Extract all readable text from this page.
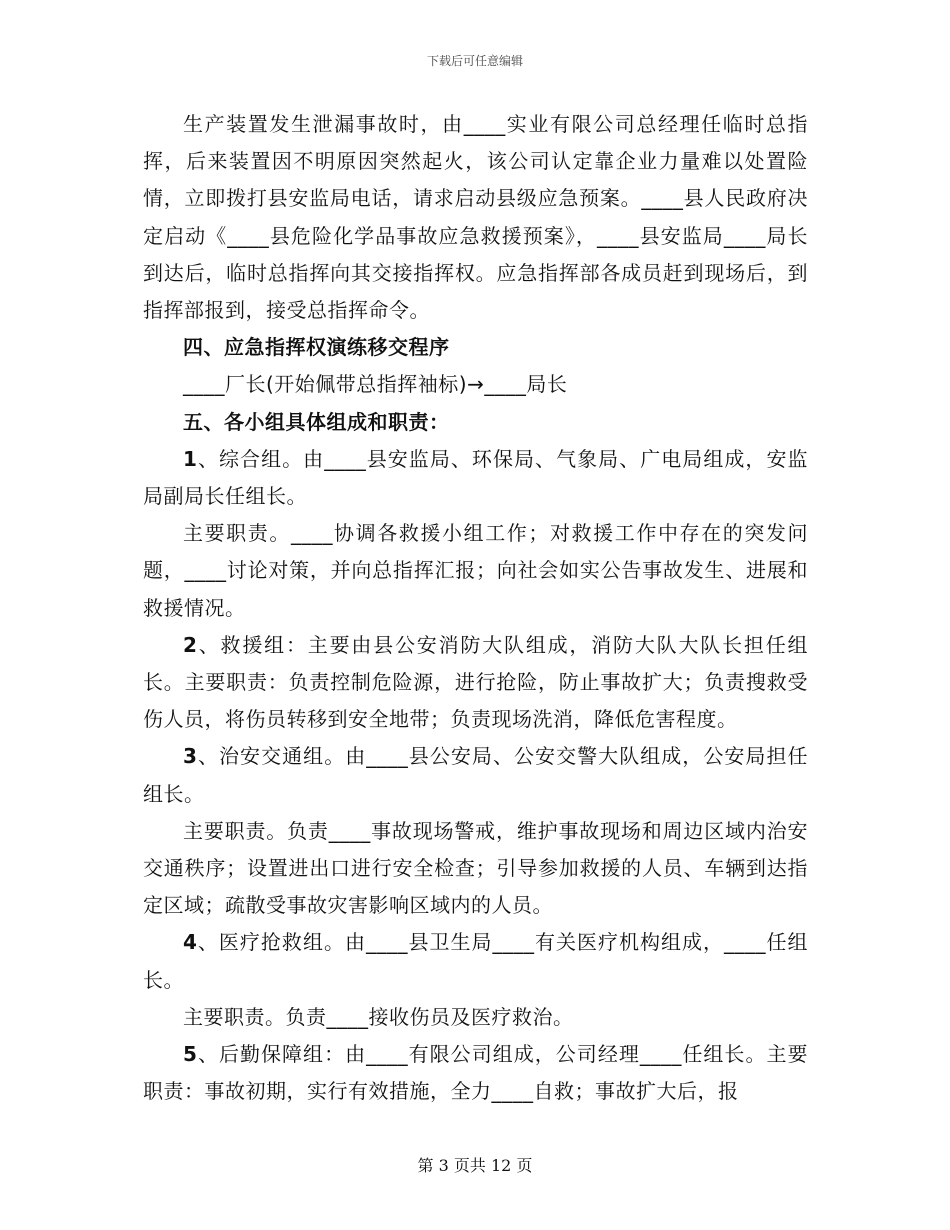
下载后可任意编辑

生产装置发生泄漏事故时，由____实业有限公司总经理任临时总指挥，后来装置因不明原因突然起火，该公司认定靠企业力量难以处置险情，立即拨打县安监局电话，请求启动县级应急预案。____县人民政府决定启动《____县危险化学品事故应急救援预案》，____县安监局____局长到达后，临时总指挥向其交接指挥权。应急指挥部各成员赶到现场后，到指挥部报到，接受总指挥命令。

四、应急指挥权演练移交程序

____厂长(开始佩带总指挥袖标)→____局长

五、各小组具体组成和职责：

1、综合组。由____县安监局、环保局、气象局、广电局组成，安监局副局长任组长。

主要职责。____协调各救援小组工作；对救援工作中存在的突发问题，____讨论对策，并向总指挥汇报；向社会如实公告事故发生、进展和救援情况。

2、救援组：主要由县公安消防大队组成，消防大队大队长担任组长。主要职责：负责控制危险源，进行抢险，防止事故扩大；负责搜救受伤人员，将伤员转移到安全地带；负责现场洗消，降低危害程度。

3、治安交通组。由____县公安局、公安交警大队组成，公安局担任组长。

主要职责。负责____事故现场警戒，维护事故现场和周边区域内治安交通秩序；设置进出口进行安全检查；引导参加救援的人员、车辆到达指定区域；疏散受事故灾害影响区域内的人员。

4、医疗抢救组。由____县卫生局____有关医疗机构组成，____任组长。

主要职责。负责____接收伤员及医疗救治。

5、后勤保障组：由____有限公司组成，公司经理____任组长。主要职责：事故初期，实行有效措施，全力____自救；事故扩大后，报

第 3 页共 12 页
